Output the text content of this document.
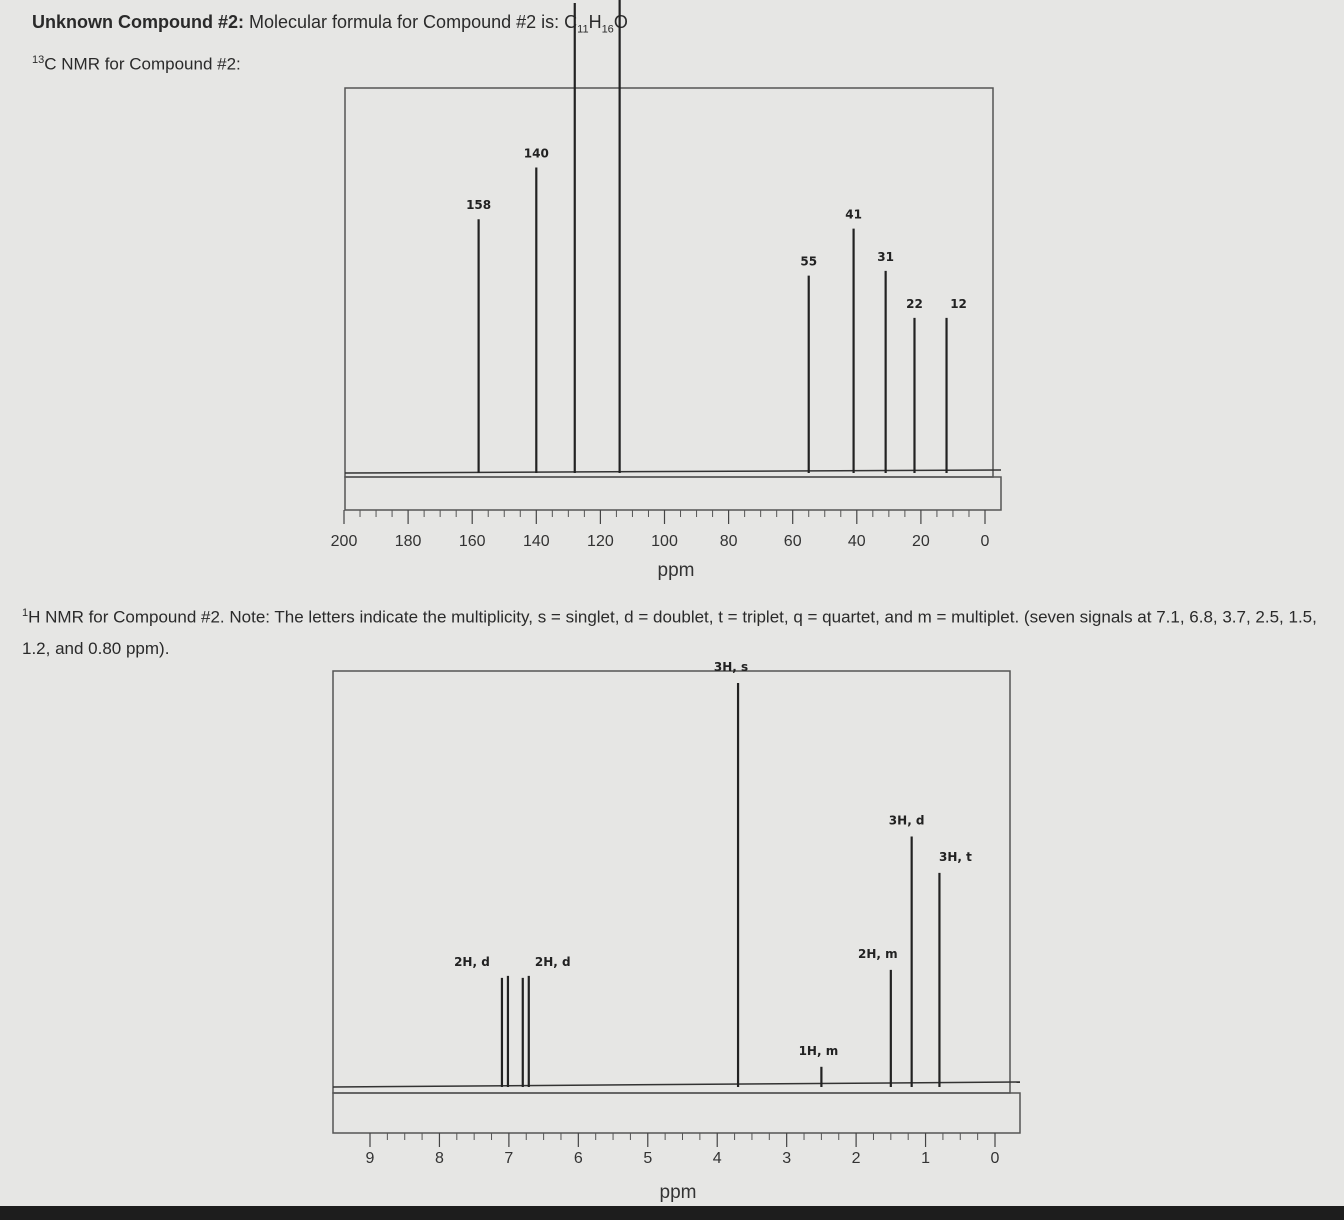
Unknown Compound #2: Molecular formula for Compound #2 is: $C_{11}H_{16}O$
$^{13}$C NMR for Compound #2:
$^1$H NMR for Compound #2. Note: The letters indicate the multiplicity, s = singlet, d = doublet, t = triplet, q = quartet, and m = multiplet. (seven signals at 7.1, 6.8, 3.7, 2.5, 1.5, 1.2, and 0.80 ppm).
200 180 160 140 120 100	80	60	40	20	0
ppm
158
140
55
41
31
22 12
9	8	7	6	5	4	3	2	1	0
ppm
2H, d	2H, d
3H, s
1H, m
2H, m
3H, d
3H, t
